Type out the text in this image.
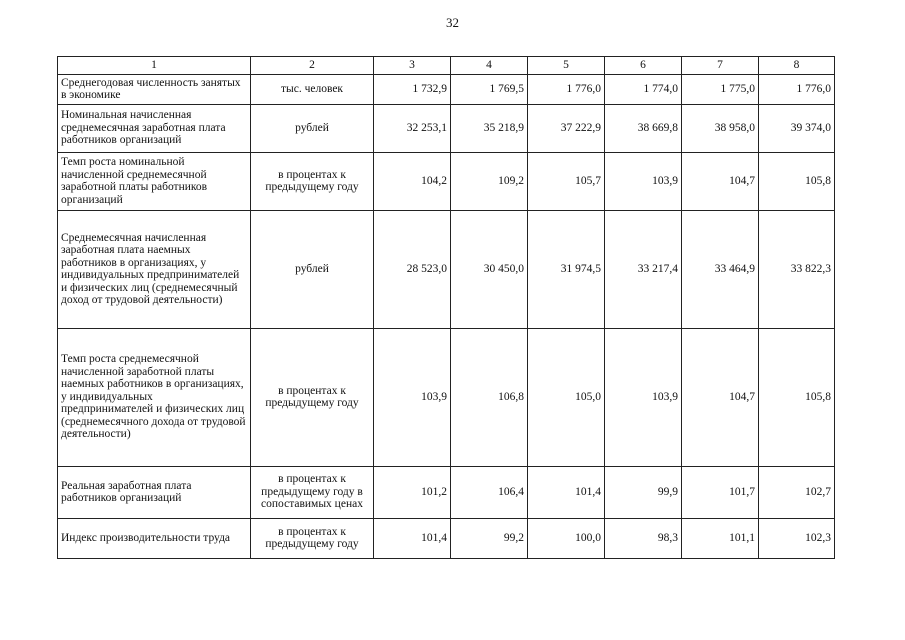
32
1	2	3	4	5	6	7	8
Среднегодовая численность занятых в экономике	тыс. человек	1 732,9	1 769,5	1 776,0	1 774,0	1 775,0	1 776,0
Номинальная начисленная среднемесячная заработная плата работников организаций	рублей	32 253,1	35 218,9	37 222,9	38 669,8	38 958,0	39 374,0
Темп роста номинальной начисленной среднемесячной заработной платы работников организаций	в процентах к предыдущему году	104,2	109,2	105,7	103,9	104,7	105,8
Среднемесячная начисленная заработная плата наемных работников в организациях, у индивидуальных предпринимателей и физических лиц (среднемесячный доход от трудовой деятельности)	рублей	28 523,0	30 450,0	31 974,5	33 217,4	33 464,9	33 822,3
Темп роста среднемесячной начисленной заработной платы наемных работников в организациях, у индивидуальных предпринимателей и физических лиц (среднемесячного дохода от трудовой деятельности)	в процентах к предыдущему году	103,9	106,8	105,0	103,9	104,7	105,8
Реальная заработная плата работников организаций	в процентах к предыдущему году в сопоставимых ценах	101,2	106,4	101,4	99,9	101,7	102,7
Индекс производительности труда	в процентах к предыдущему году	101,4	99,2	100,0	98,3	101,1	102,3
